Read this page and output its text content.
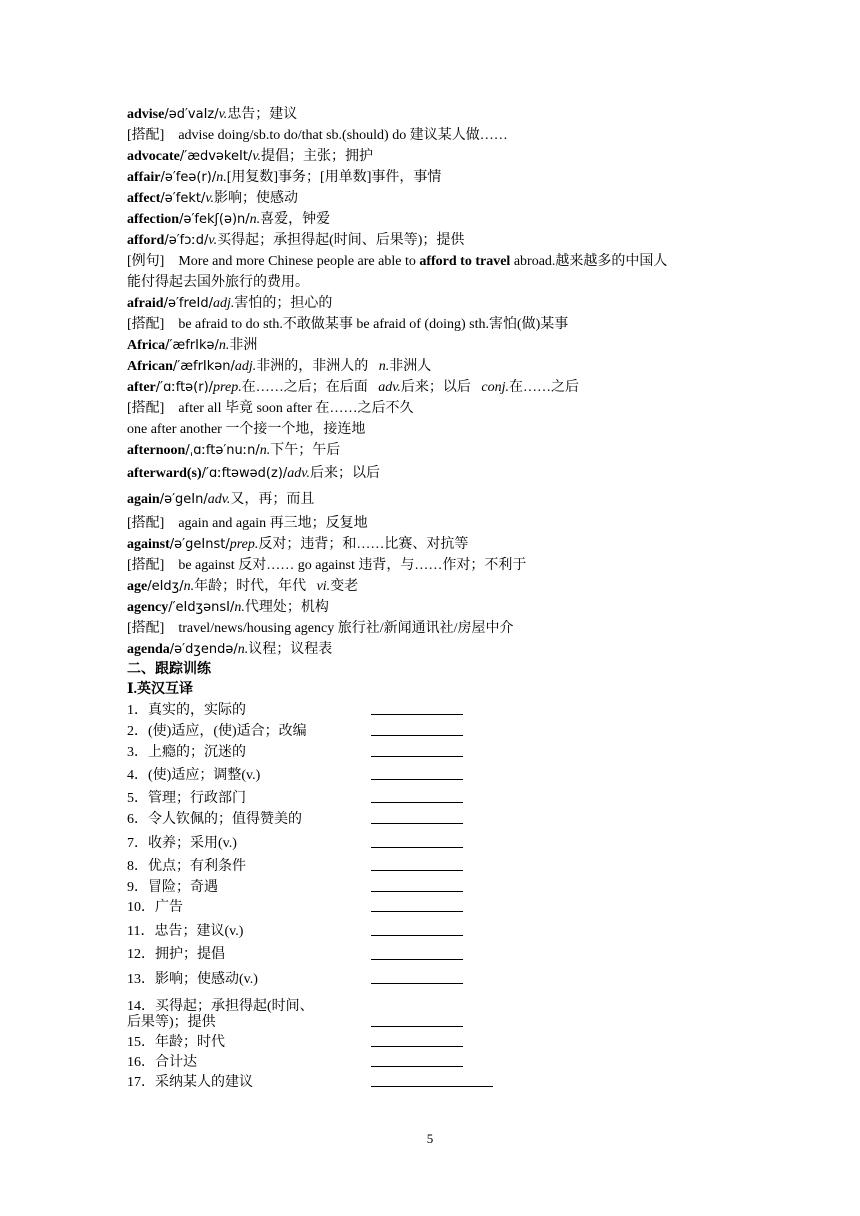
advise/əd′vaIz/v.忠告；建议
[搭配] advise doing/sb.to do/that sb.(should) do 建议某人做……
advocate/′ædvəkeIt/v.提倡；主张；拥护
affair/ə′feə(r)/n.[用复数]事务；[用单数]事件，事情
affect/ə′fekt/v.影响；使感动
affection/ə′fekʃ(ə)n/n.喜爱，钟爱
afford/ə′fɔːd/v.买得起；承担得起(时间、后果等)；提供
[例句] More and more Chinese people are able to afford to travel abroad.越来越多的中国人
能付得起去国外旅行的费用。
afraid/ə′freId/adj.害怕的；担心的
[搭配] be afraid to do sth.不敢做某事 be afraid of (doing) sth.害怕(做)某事
Africa/′æfrIkə/n.非洲
African/′æfrIkən/adj.非洲的，非洲人的 n.非洲人
after/′ɑːftə(r)/prep.在……之后；在后面 adv.后来；以后 conj.在……之后
[搭配] after all 毕竟 soon after 在……之后不久
one after another 一个接一个地，接连地
afternoon/ˌɑːftə′nuːn/n.下午；午后
afterward(s)/′ɑːftəwəd(z)/adv.后来；以后
again/ə′geIn/adv.又，再；而且
[搭配] again and again 再三地；反复地
against/ə′geInst/prep.反对；违背；和……比赛、对抗等
[搭配] be against 反对…… go against 违背，与……作对；不利于
age/eIdʒ/n.年龄；时代，年代 vi.变老
agency/′eIdʒənsI/n.代理处；机构
[搭配] travel/news/housing agency 旅行社/新闻通讯社/房屋中介
agenda/ə′dʒendə/n.议程；议程表
二、跟踪训练
Ⅰ.英汉互译
1．真实的，实际的
2．(使)适应，(使)适合；改编
3．上瘾的；沉迷的
4．(使)适应；调整(v.)
5．管理；行政部门
6．令人钦佩的；值得赞美的
7．收养；采用(v.)
8．优点；有利条件
9．冒险；奇遇
10．广告
11．忠告；建议(v.)
12．拥护；提倡
13．影响；使感动(v.)
14．买得起；承担得起(时间、
后果等)；提供
15．年龄；时代
16．合计达
17．采纳某人的建议
5
